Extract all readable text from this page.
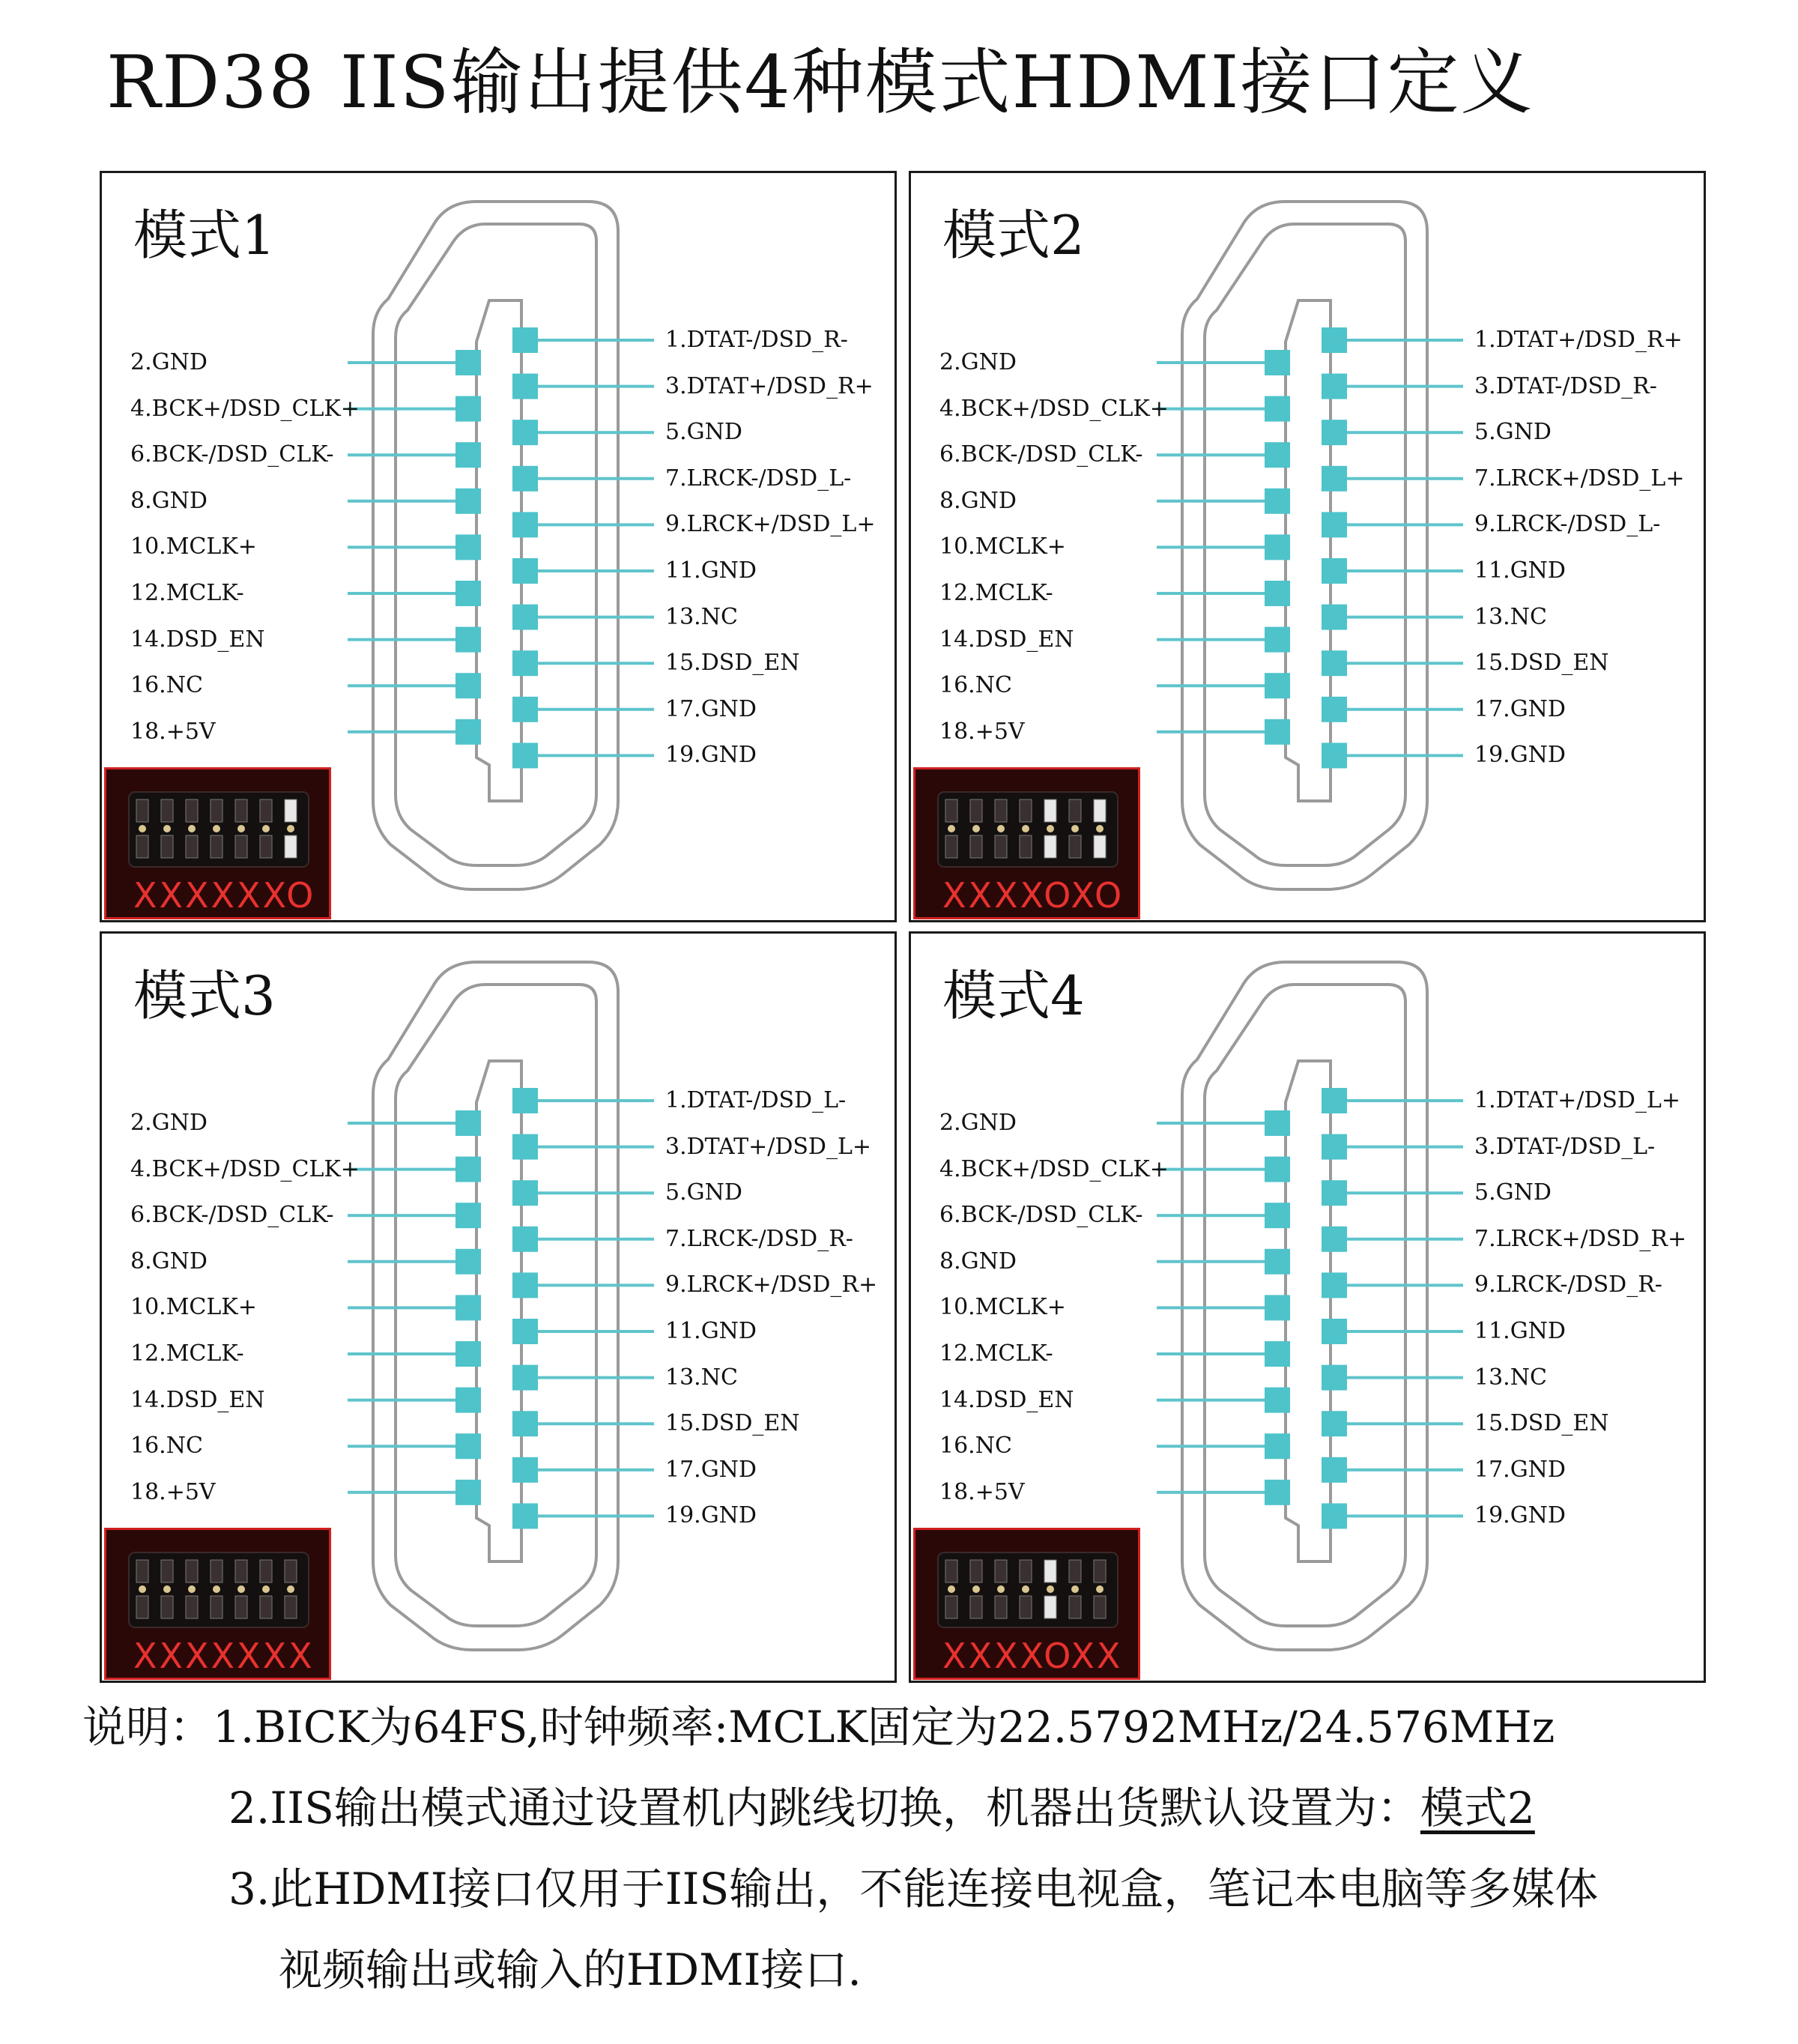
RD38 IIS输出提供4种模式HDMI接口定义
模式1
2.GND
4.BCK+/DSD_CLK+
6.BCK-/DSD_CLK-
8.GND
10.MCLK+
12.MCLK-
14.DSD_EN
16.NC
18.+5V
1.DTAT-/DSD_R-
3.DTAT+/DSD_R+
5.GND
7.LRCK-/DSD_L-
9.LRCK+/DSD_L+
11.GND
13.NC
15.DSD_EN
17.GND
19.GND
XXXXXXO
模式2
2.GND
4.BCK+/DSD_CLK+
6.BCK-/DSD_CLK-
8.GND
10.MCLK+
12.MCLK-
14.DSD_EN
16.NC
18.+5V
1.DTAT+/DSD_R+
3.DTAT-/DSD_R-
5.GND
7.LRCK+/DSD_L+
9.LRCK-/DSD_L-
11.GND
13.NC
15.DSD_EN
17.GND
19.GND
XXXXOXO
模式3
2.GND
4.BCK+/DSD_CLK+
6.BCK-/DSD_CLK-
8.GND
10.MCLK+
12.MCLK-
14.DSD_EN
16.NC
18.+5V
1.DTAT-/DSD_L-
3.DTAT+/DSD_L+
5.GND
7.LRCK-/DSD_R-
9.LRCK+/DSD_R+
11.GND
13.NC
15.DSD_EN
17.GND
19.GND
XXXXXXX
模式4
2.GND
4.BCK+/DSD_CLK+
6.BCK-/DSD_CLK-
8.GND
10.MCLK+
12.MCLK-
14.DSD_EN
16.NC
18.+5V
1.DTAT+/DSD_L+
3.DTAT-/DSD_L-
5.GND
7.LRCK+/DSD_R+
9.LRCK-/DSD_R-
11.GND
13.NC
15.DSD_EN
17.GND
19.GND
XXXXOXX
说明：1.BICK为64FS,时钟频率:MCLK固定为22.5792MHz/24.576MHz
2.IIS输出模式通过设置机内跳线切换，机器出货默认设置为：模式2
3.此HDMI接口仅用于IIS输出，不能连接电视盒，笔记本电脑等多媒体
视频输出或输入的HDMI接口.
